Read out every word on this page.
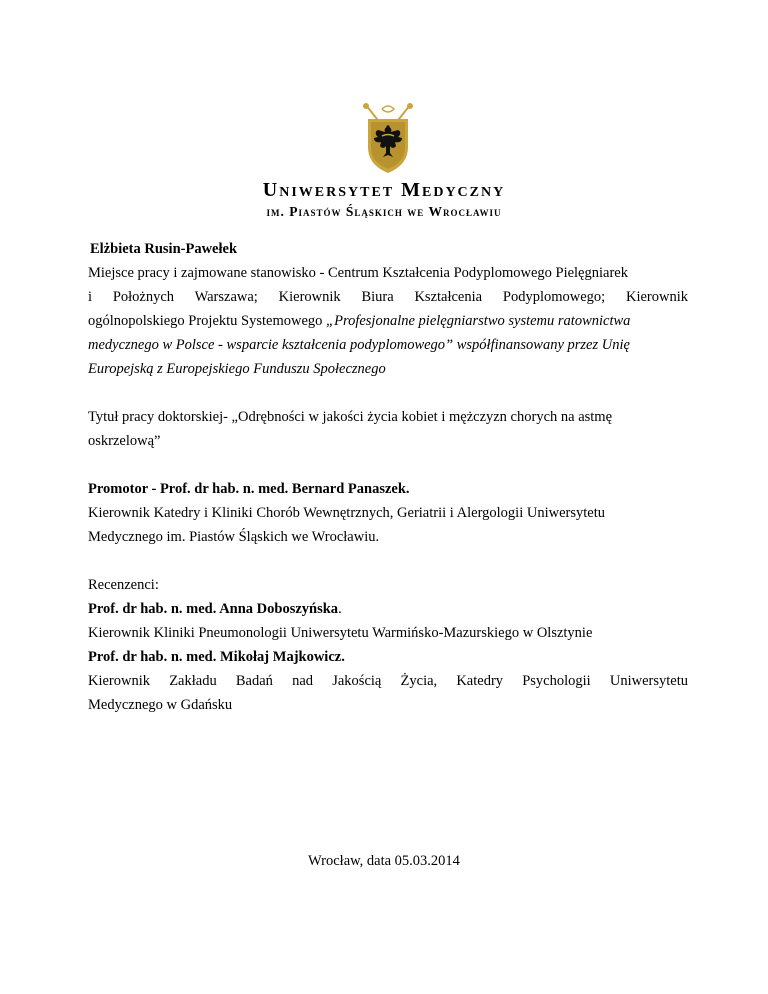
Uniwersytet Medyczny
im. Piastów Śląskich we Wrocławiu

Elżbieta Rusin-Pawełek

Miejsce pracy i zajmowane stanowisko - Centrum Kształcenia Podyplomowego Pielęgniarek

i Położnych Warszawa; Kierownik Biura Kształcenia Podyplomowego; Kierownik

ogólnopolskiego Projektu Systemowego „Profesjonalne pielęgniarstwo systemu ratownictwa

medycznego w Polsce - wsparcie kształcenia podyplomowego” współfinansowany przez Unię

Europejską z Europejskiego Funduszu Społecznego

Tytuł pracy doktorskiej- „Odrębności w jakości życia kobiet i mężczyzn chorych na astmę

oskrzelową”

Promotor - Prof. dr hab. n. med. Bernard Panaszek.

Kierownik Katedry i Kliniki Chorób Wewnętrznych, Geriatrii i Alergologii Uniwersytetu

Medycznego im. Piastów Śląskich we Wrocławiu.

Recenzenci:

Prof. dr hab. n. med. Anna Doboszyńska.

Kierownik Kliniki Pneumonologii Uniwersytetu Warmińsko-Mazurskiego w Olsztynie

Prof. dr hab. n. med. Mikołaj Majkowicz.

Kierownik Zakładu Badań nad Jakością Życia, Katedry Psychologii Uniwersytetu

Medycznego w Gdańsku

Wrocław, data 05.03.2014
